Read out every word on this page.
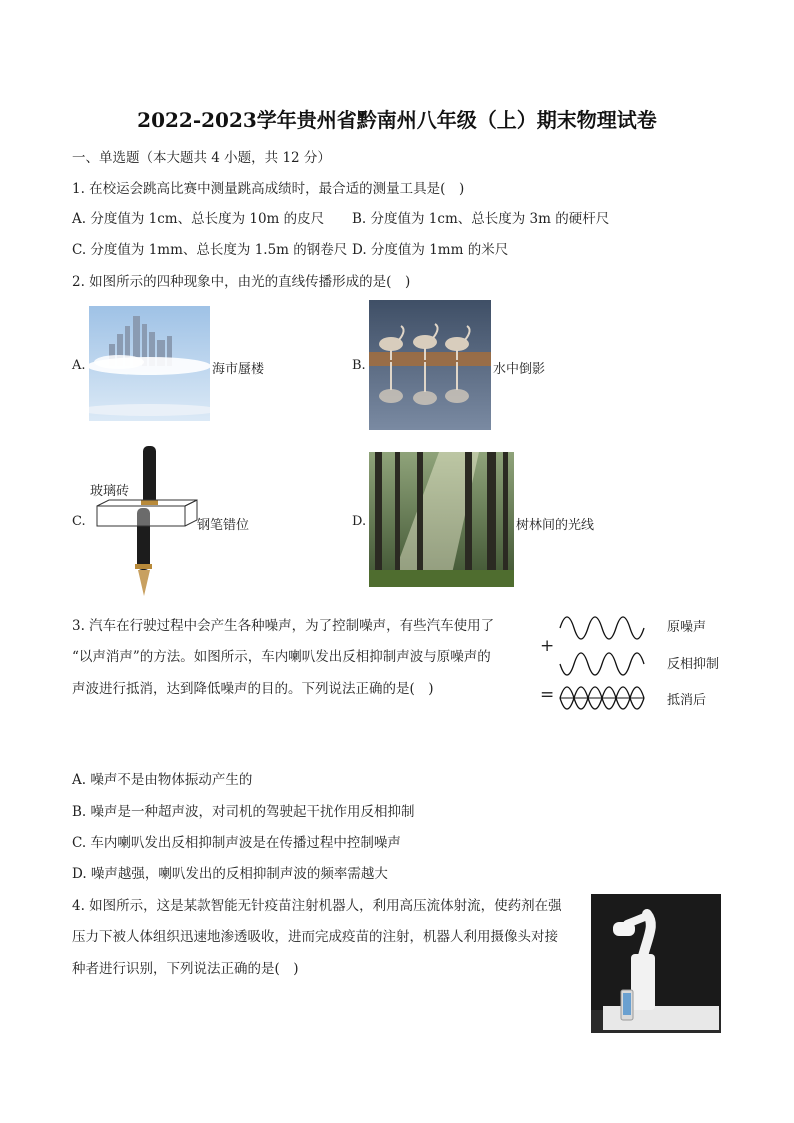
2022-2023学年贵州省黔南州八年级（上）期末物理试卷
一、单选题（本大题共 4 小题，共 12 分）
1. 在校运会跳高比赛中测量跳高成绩时，最合适的测量工具是(　)
A. 分度值为 1cm、总长度为 10m 的皮尺 B. 分度值为 1cm、总长度为 3m 的硬杆尺
C. 分度值为 1mm、总长度为 1.5m 的钢卷尺 D. 分度值为 1mm 的米尺
2. 如图所示的四种现象中，由光的直线传播形成的是(　)
A.	海市蜃楼	B.	水中倒影
C.
玻璃砖
钢笔错位	D.	树林间的光线
3. 汽车在行驶过程中会产生各种噪声，为了控制噪声，有些汽车使用了
“以声消声”的方法。如图所示，车内喇叭发出反相抑制声波与原噪声的
声波进行抵消，达到降低噪声的目的。下列说法正确的是(　)
+
=
原噪声
反相抑制
抵消后
A. 噪声不是由物体振动产生的
B. 噪声是一种超声波，对司机的驾驶起干扰作用反相抑制
C. 车内喇叭发出反相抑制声波是在传播过程中控制噪声
D. 噪声越强，喇叭发出的反相抑制声波的频率需越大
4. 如图所示，这是某款智能无针疫苗注射机器人，利用高压流体射流，使药剂在强
压力下被人体组织迅速地渗透吸收，进而完成疫苗的注射，机器人利用摄像头对接
种者进行识别，下列说法正确的是(　)
